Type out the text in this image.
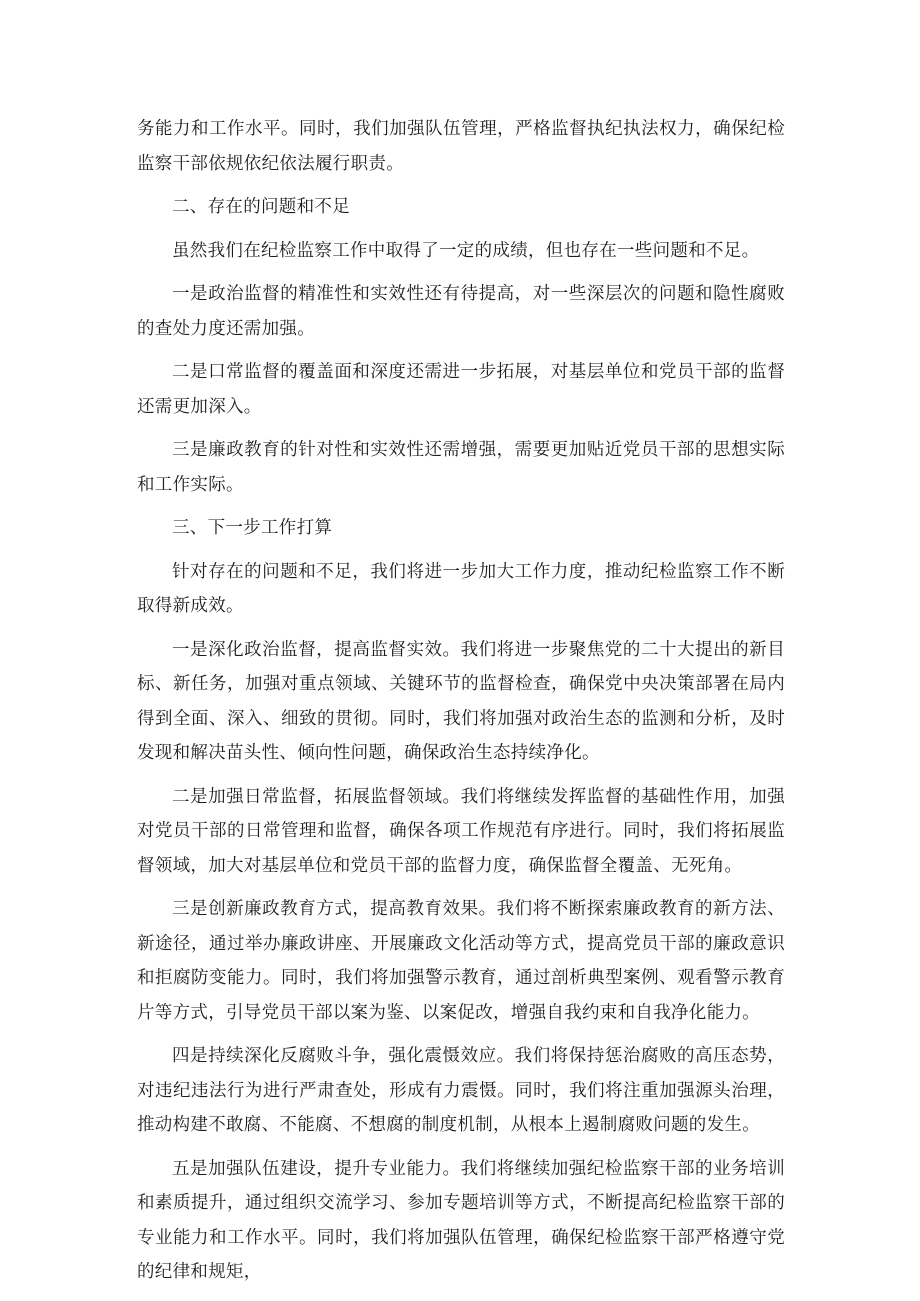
务能力和工作水平。同时，我们加强队伍管理，严格监督执纪执法权力，确保纪检监察干部依规依纪依法履行职责。

二、存在的问题和不足

虽然我们在纪检监察工作中取得了一定的成绩，但也存在一些问题和不足。

一是政治监督的精准性和实效性还有待提高，对一些深层次的问题和隐性腐败的查处力度还需加强。

二是口常监督的覆盖面和深度还需进一步拓展，对基层单位和党员干部的监督还需更加深入。

三是廉政教育的针对性和实效性还需增强，需要更加贴近党员干部的思想实际和工作实际。

三、下一步工作打算

针对存在的问题和不足，我们将进一步加大工作力度，推动纪检监察工作不断取得新成效。

一是深化政治监督，提高监督实效。我们将进一步聚焦党的二十大提出的新目标、新任务，加强对重点领域、关键环节的监督检查，确保党中央决策部署在局内得到全面、深入、细致的贯彻。同时，我们将加强对政治生态的监测和分析，及时发现和解决苗头性、倾向性问题，确保政治生态持续净化。

二是加强日常监督，拓展监督领域。我们将继续发挥监督的基础性作用，加强对党员干部的日常管理和监督，确保各项工作规范有序进行。同时，我们将拓展监督领域，加大对基层单位和党员干部的监督力度，确保监督全覆盖、无死角。

三是创新廉政教育方式，提高教育效果。我们将不断探索廉政教育的新方法、新途径，通过举办廉政讲座、开展廉政文化活动等方式，提高党员干部的廉政意识和拒腐防变能力。同时，我们将加强警示教育，通过剖析典型案例、观看警示教育片等方式，引导党员干部以案为鉴、以案促改，增强自我约束和自我净化能力。

四是持续深化反腐败斗争，强化震慑效应。我们将保持惩治腐败的高压态势，对违纪违法行为进行严肃查处，形成有力震慑。同时，我们将注重加强源头治理，推动构建不敢腐、不能腐、不想腐的制度机制，从根本上遏制腐败问题的发生。

五是加强队伍建设，提升专业能力。我们将继续加强纪检监察干部的业务培训和素质提升，通过组织交流学习、参加专题培训等方式，不断提高纪检监察干部的专业能力和工作水平。同时，我们将加强队伍管理，确保纪检监察干部严格遵守党的纪律和规矩，
